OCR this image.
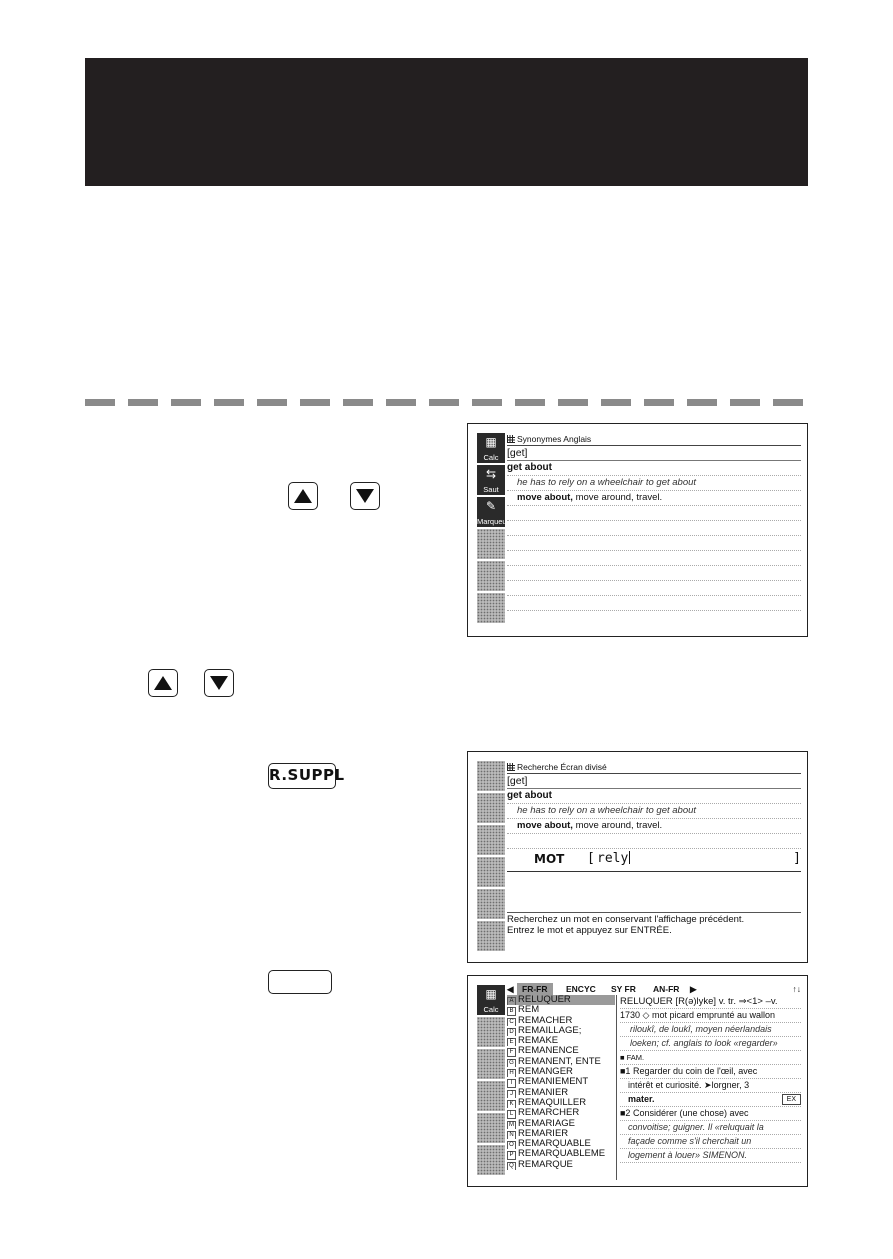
R.SUPPL
▦
Calc
⇆
Saut
✎
Marqueur
Synonymes Anglais
[get]
get about
he has to rely on a wheelchair to get about
move about, move around, travel.
Recherche Écran divisé
[get]
get about
he has to rely on a wheelchair to get about
move about, move around, travel.
MOT [ rely	]
Recherchez un mot en conservant l'affichage précédent.
Entrez le mot et appuyez sur ENTRÉE.
▦
Calc
◀ FR-FR	ENCYC SY FR AN-FR ▶	↑↓
A RELUQUER
B REM
C REMÂCHER
D REMAILLAGE;
E REMAKE
F REMANENCE
G REMANENT, ENTE
H REMANGER
I REMANIEMENT
J REMANIER
K REMAQUILLER
L REMARCHER
M REMARIAGE
N REMARIER
O REMARQUABLE
P REMARQUABLEME
Q REMARQUE
RELUQUER [R(ə)lyke] v. tr. ⇒<1> –v.
1730 ◇ mot picard emprunté au wallon
riloukî, de loukî, moyen néerlandais
loeken; cf. anglais to look «regarder»
■ FAM.
■1 Regarder du coin de l'œil, avec
intérêt et curiosité. ➤lorgner, 3
mater.	EX
■2 Considérer (une chose) avec
convoitise; guigner. Il «reluquait la
façade comme s'il cherchait un
logement à louer» SIMENON.
